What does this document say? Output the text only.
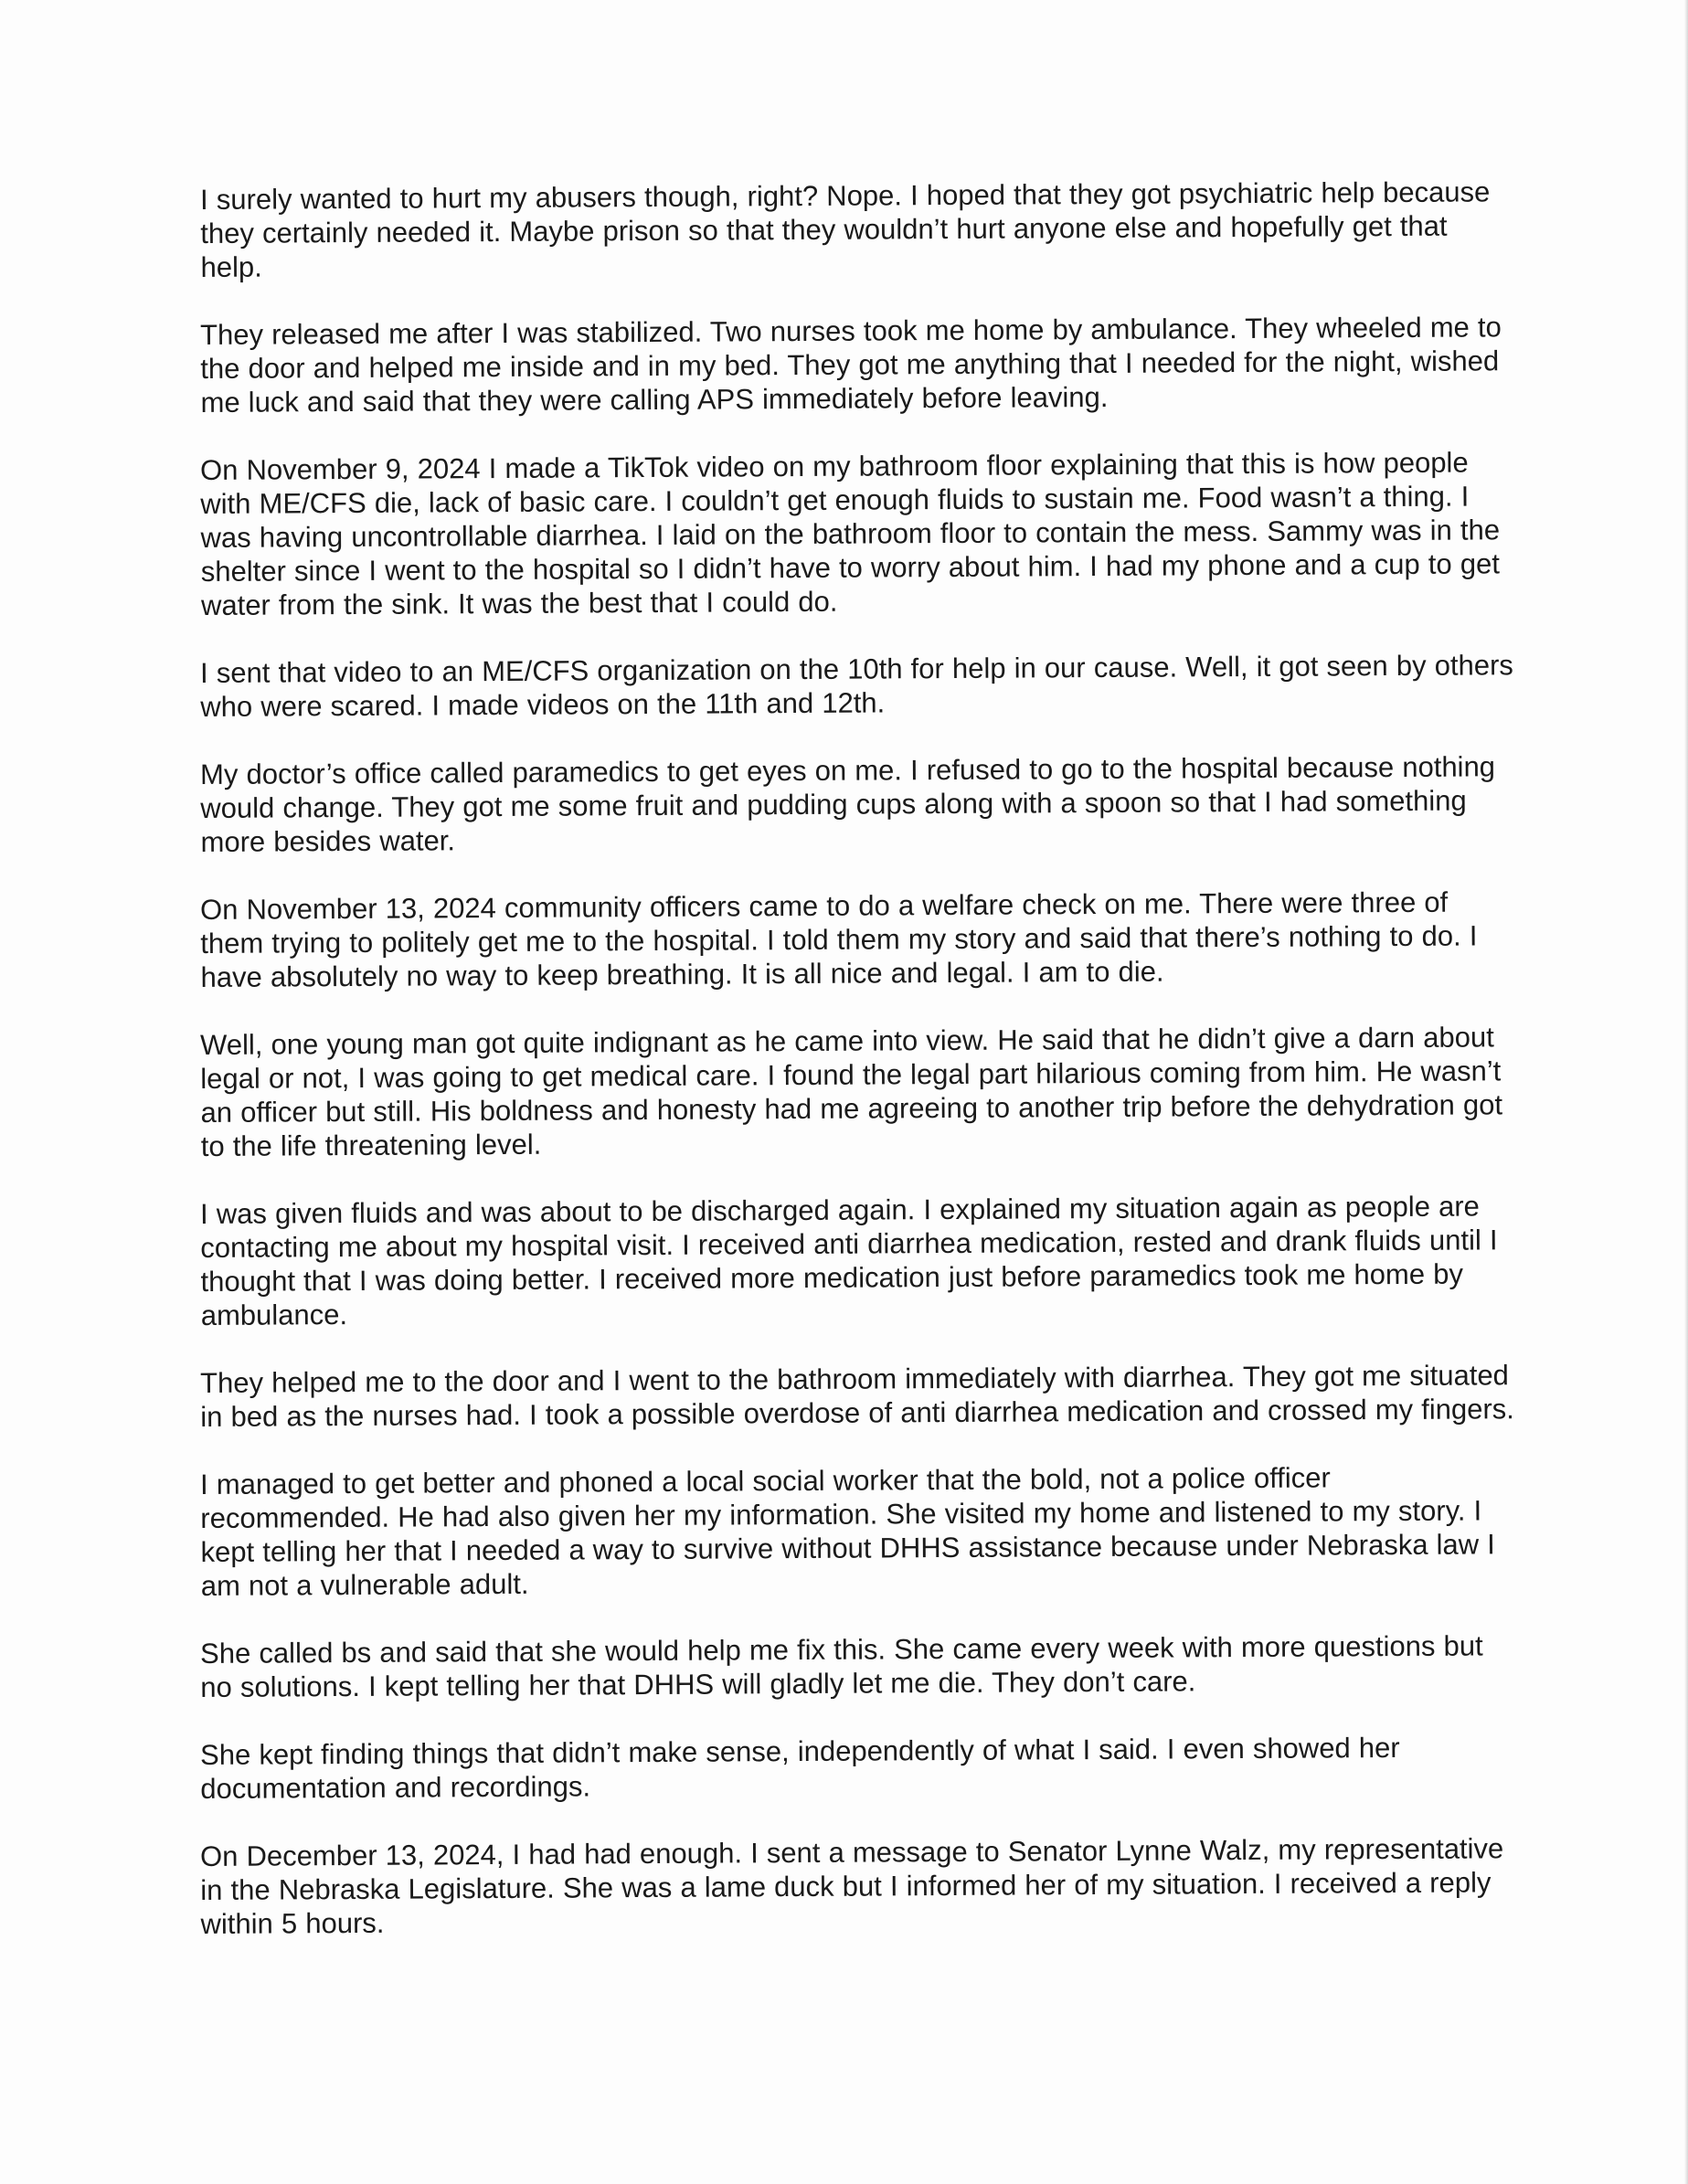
I surely wanted to hurt my abusers though, right? Nope. I hoped that they got psychiatric help because they certainly needed it. Maybe prison so that they wouldn’t hurt anyone else and hopefully get that help.

They released me after I was stabilized. Two nurses took me home by ambulance. They wheeled me to the door and helped me inside and in my bed. They got me anything that I needed for the night, wished me luck and said that they were calling APS immediately before leaving.

On November 9, 2024 I made a TikTok video on my bathroom floor explaining that this is how people with ME/CFS die, lack of basic care. I couldn’t get enough fluids to sustain me. Food wasn’t a thing. I was having uncontrollable diarrhea. I laid on the bathroom floor to contain the mess. Sammy was in the shelter since I went to the hospital so I didn’t have to worry about him. I had my phone and a cup to get water from the sink. It was the best that I could do.

I sent that video to an ME/CFS organization on the 10th for help in our cause. Well, it got seen by others who were scared. I made videos on the 11th and 12th.

My doctor’s office called paramedics to get eyes on me. I refused to go to the hospital because nothing would change. They got me some fruit and pudding cups along with a spoon so that I had something more besides water.

On November 13, 2024 community officers came to do a welfare check on me. There were three of them trying to politely get me to the hospital. I told them my story and said that there’s nothing to do. I have absolutely no way to keep breathing. It is all nice and legal. I am to die.

Well, one young man got quite indignant as he came into view. He said that he didn’t give a darn about legal or not, I was going to get medical care. I found the legal part hilarious coming from him. He wasn’t an officer but still. His boldness and honesty had me agreeing to another trip before the dehydration got to the life threatening level.

I was given fluids and was about to be discharged again. I explained my situation again as people are contacting me about my hospital visit. I received anti diarrhea medication, rested and drank fluids until I thought that I was doing better. I received more medication just before paramedics took me home by ambulance.

They helped me to the door and I went to the bathroom immediately with diarrhea. They got me situated in bed as the nurses had. I took a possible overdose of anti diarrhea medication and crossed my fingers.

I managed to get better and phoned a local social worker that the bold, not a police officer recommended. He had also given her my information. She visited my home and listened to my story. I kept telling her that I needed a way to survive without DHHS assistance because under Nebraska law I am not a vulnerable adult.

She called bs and said that she would help me fix this. She came every week with more questions but no solutions. I kept telling her that DHHS will gladly let me die. They don’t care.

She kept finding things that didn’t make sense, independently of what I said. I even showed her documentation and recordings.

On December 13, 2024, I had had enough. I sent a message to Senator Lynne Walz, my representative in the Nebraska Legislature. She was a lame duck but I informed her of my situation. I received a reply within 5 hours.
